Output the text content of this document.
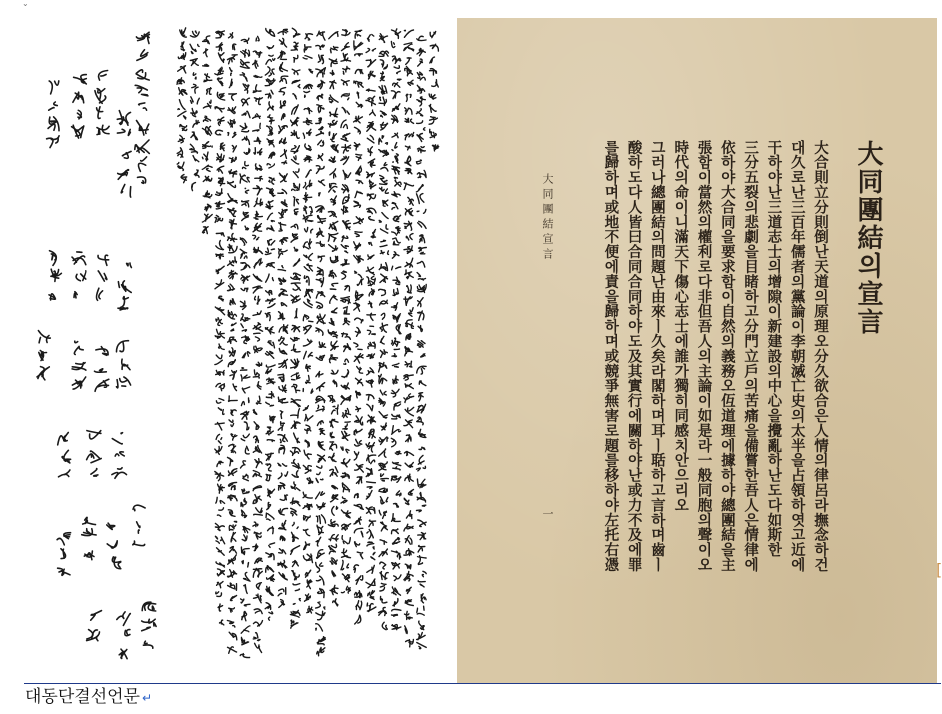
⌄
大同團結의宣言

大合則立分則倒난天道의原理오分久欲合은人情의律呂라撫念하건

대久로난三百年儒者의黨論이李朝滅亡史의太半을占領하엿고近에

干하야난三道志士의增隙이新建設의中心을攪亂하난도다如斯한

三分五裂의悲劇을目睹하고分門立戶의苦痛을備嘗한吾人은情律에

依하야大合同을要求함이自然의義務오仾道理에據하야總團結을主

張함이當然의權利로다非但吾人의主論이如是라一般同胞의聲이오

時代의命이니滿天下傷心志士에誰가獨히同感치안으리오

그러나總團結의問題난由來ㅣ久矣라閣하며耳ㅣ聒하고言하며齒ㅣ

酸하도다人皆曰合同合同하야도及其實行에關하야난或力不及에罪

를歸하며或地不便에責을歸하며或競爭無害로題를移하야左托右憑

大同團結宣言
一
[
대동단결선언문 ↵
